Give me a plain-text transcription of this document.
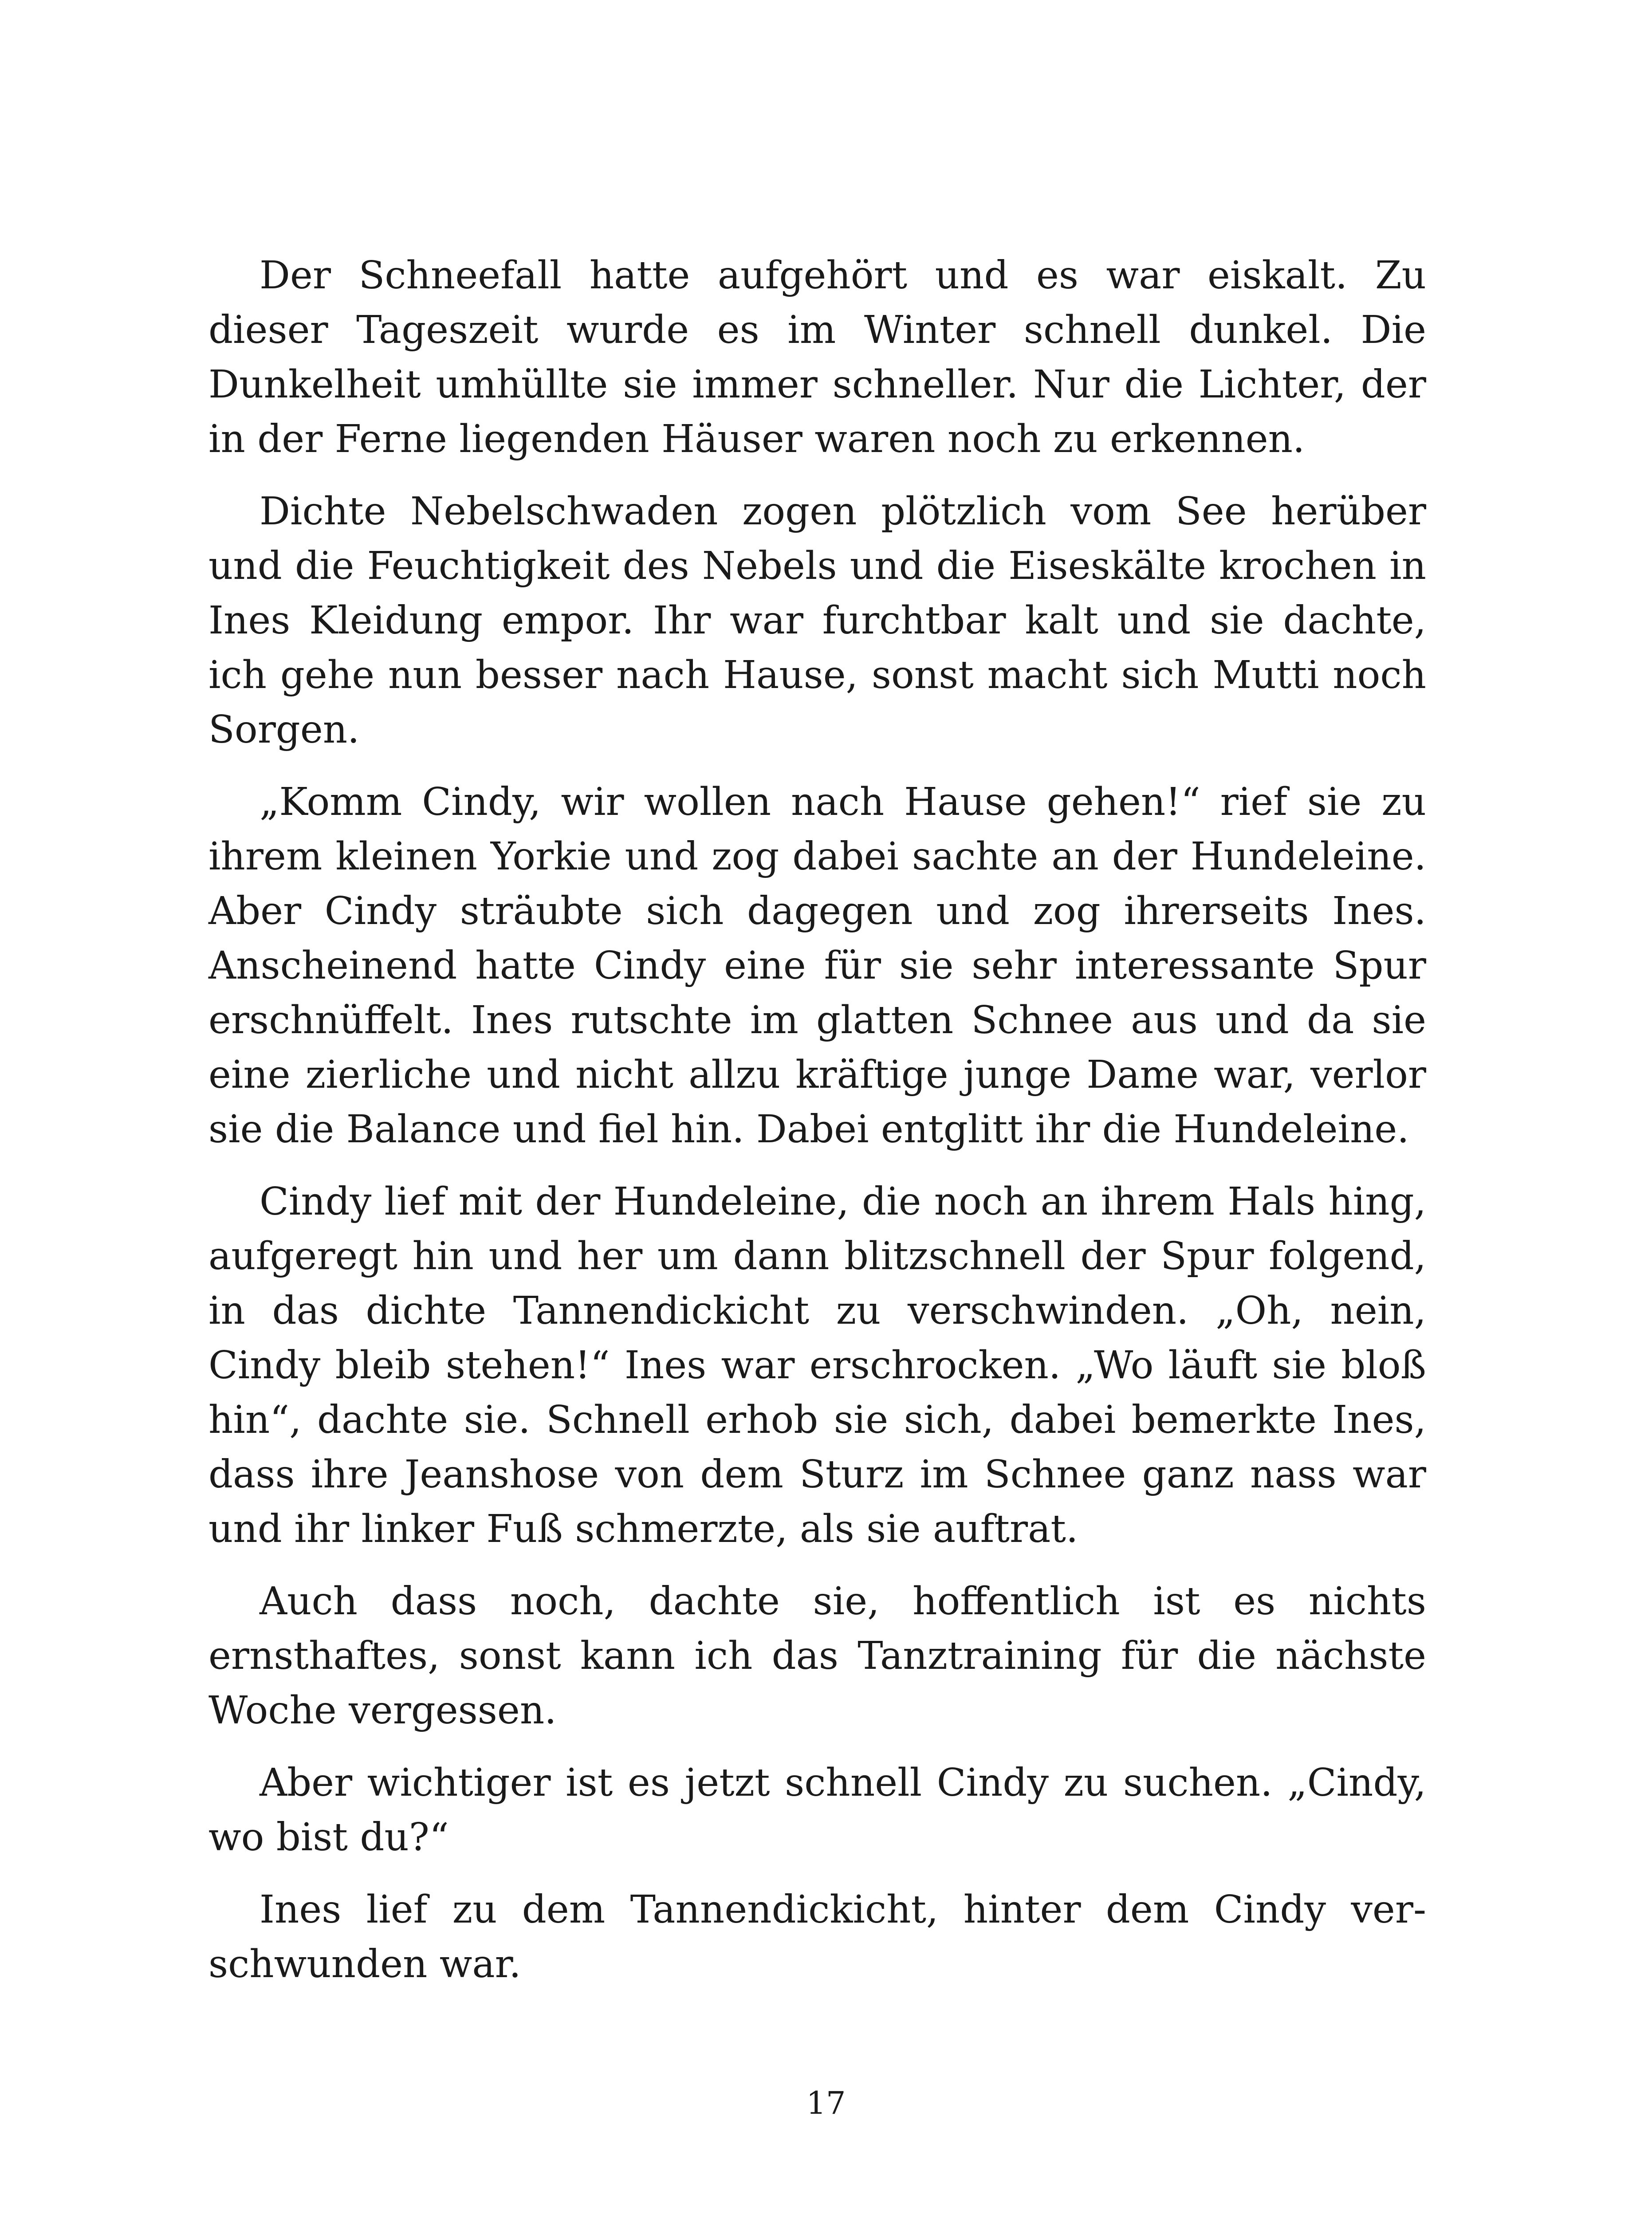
Der Schneefall hatte aufgehört und es war eiskalt. Zu dieser Tageszeit wurde es im Winter schnell dunkel. Die Dunkelheit umhüllte sie immer schneller. Nur die Lichter, der in der Ferne liegenden Häuser waren noch zu erkennen.

Dichte Nebelschwaden zogen plötzlich vom See herüber und die Feuchtigkeit des Nebels und die Eiseskälte krochen in Ines Kleidung empor. Ihr war furchtbar kalt und sie dachte, ich gehe nun besser nach Hause, sonst macht sich Mutti noch Sorgen.

„Komm Cindy, wir wollen nach Hause gehen!“ rief sie zu ihrem kleinen Yorkie und zog dabei sachte an der Hundeleine. Aber Cindy sträubte sich dagegen und zog ihrerseits Ines. Anscheinend hatte Cindy eine für sie sehr interessante Spur erschnüffelt. Ines rutschte im glatten Schnee aus und da sie eine zierliche und nicht allzu kräftige junge Dame war, verlor sie die Balance und fiel hin. Dabei entglitt ihr die Hundeleine.

Cindy lief mit der Hundeleine, die noch an ihrem Hals hing, aufgeregt hin und her um dann blitzschnell der Spur folgend, in das dichte Tannendickicht zu verschwinden. „Oh, nein, Cindy bleib stehen!“ Ines war erschrocken. „Wo läuft sie bloß hin“, dachte sie. Schnell erhob sie sich, dabei bemerkte Ines, dass ihre Jeanshose von dem Sturz im Schnee ganz nass war und ihr linker Fuß schmerzte, als sie auftrat.

Auch dass noch, dachte sie, hoffentlich ist es nichts ernsthaftes, sonst kann ich das Tanztraining für die nächste Woche vergessen.

Aber wichtiger ist es jetzt schnell Cindy zu suchen. „Cindy, wo bist du?“

Ines lief zu dem Tannendickicht, hinter dem Cindy verschwunden war.

17
